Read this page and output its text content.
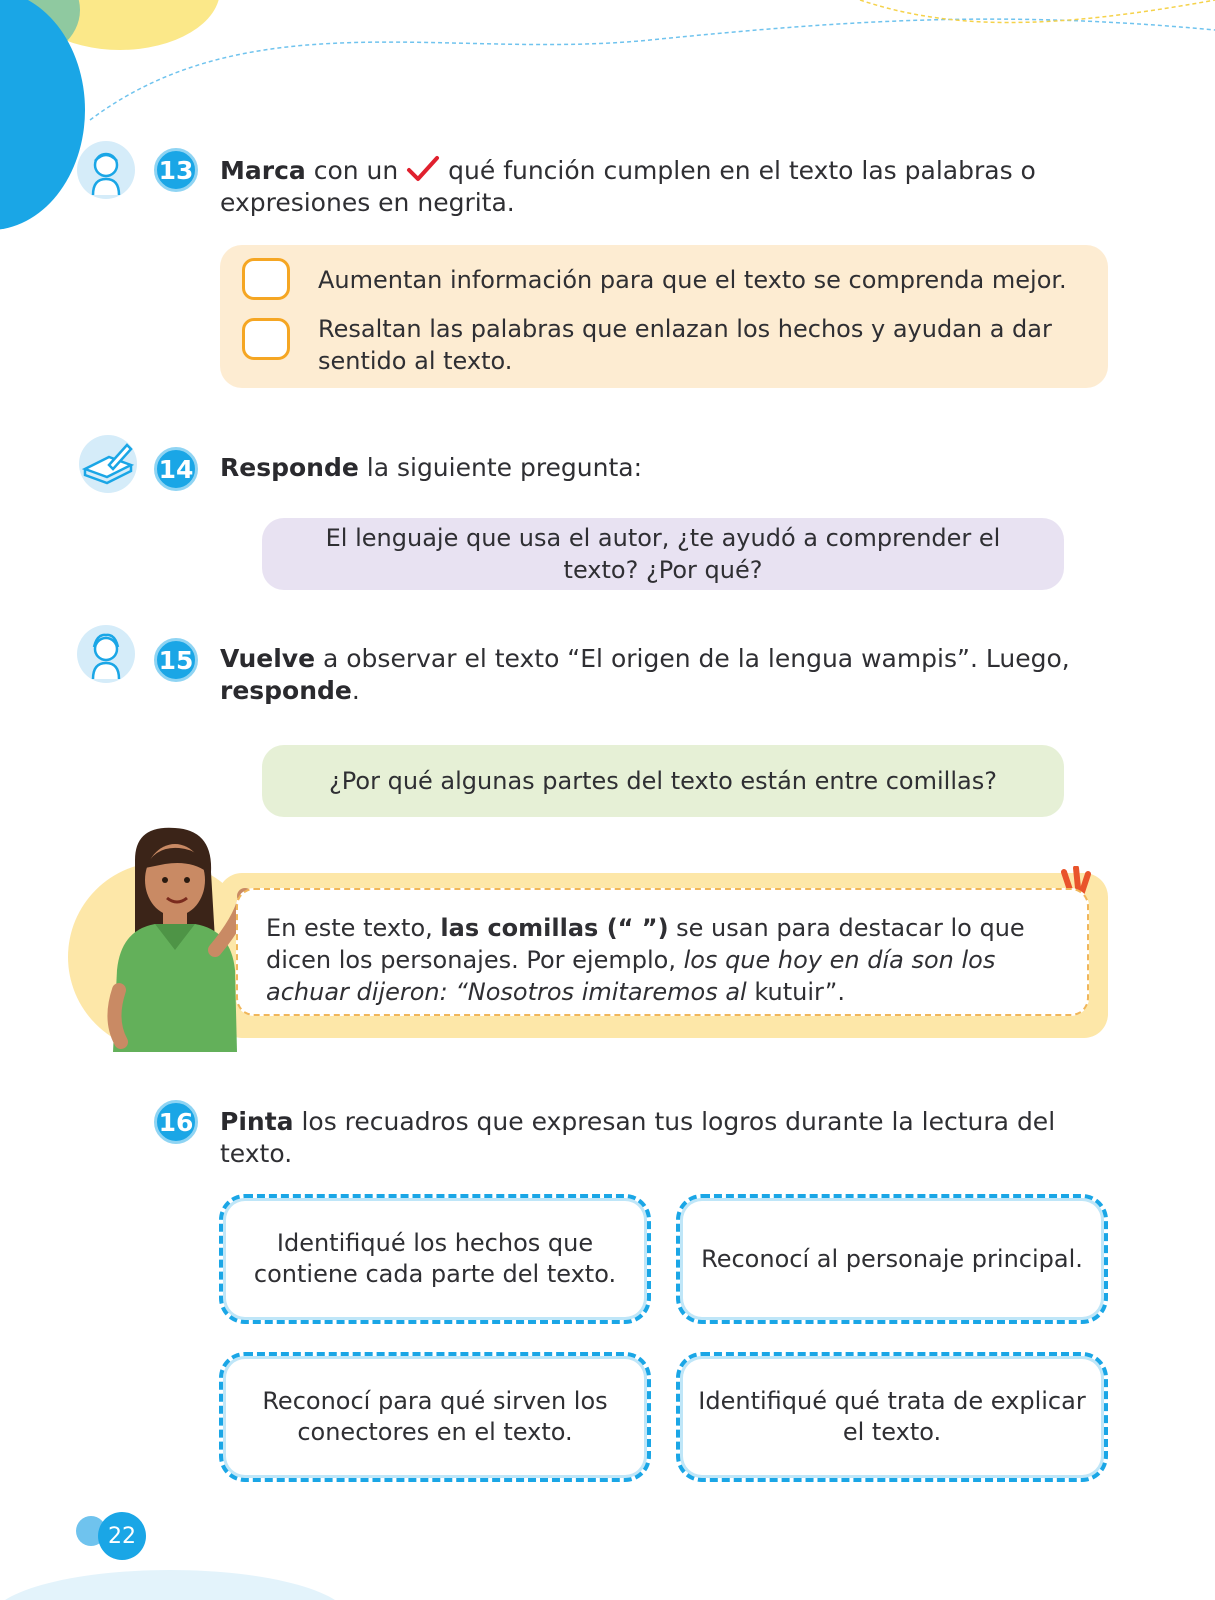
13 Marca con un  qué función cumplen en el texto las palabras o expresiones en negrita.
Aumentan información para que el texto se comprenda mejor.
Resaltan las palabras que enlazan los hechos y ayudan a dar sentido al texto.
14 Responde la siguiente pregunta:
El lenguaje que usa el autor, ¿te ayudó a comprender el texto? ¿Por qué?
15 Vuelve a observar el texto “El origen de la lengua wampis”. Luego, responde.
¿Por qué algunas partes del texto están entre comillas?
En este texto, las comillas (“ ”) se usan para destacar lo que dicen los personajes. Por ejemplo, los que hoy en día son los achuar dijeron: “Nosotros imitaremos al kutuir”.
16 Pinta los recuadros que expresan tus logros durante la lectura del texto.
Identifiqué los hechos que contiene cada parte del texto.
Reconocí al personaje principal.
Reconocí para qué sirven los conectores en el texto.
Identifiqué qué trata de explicar el texto.
22
